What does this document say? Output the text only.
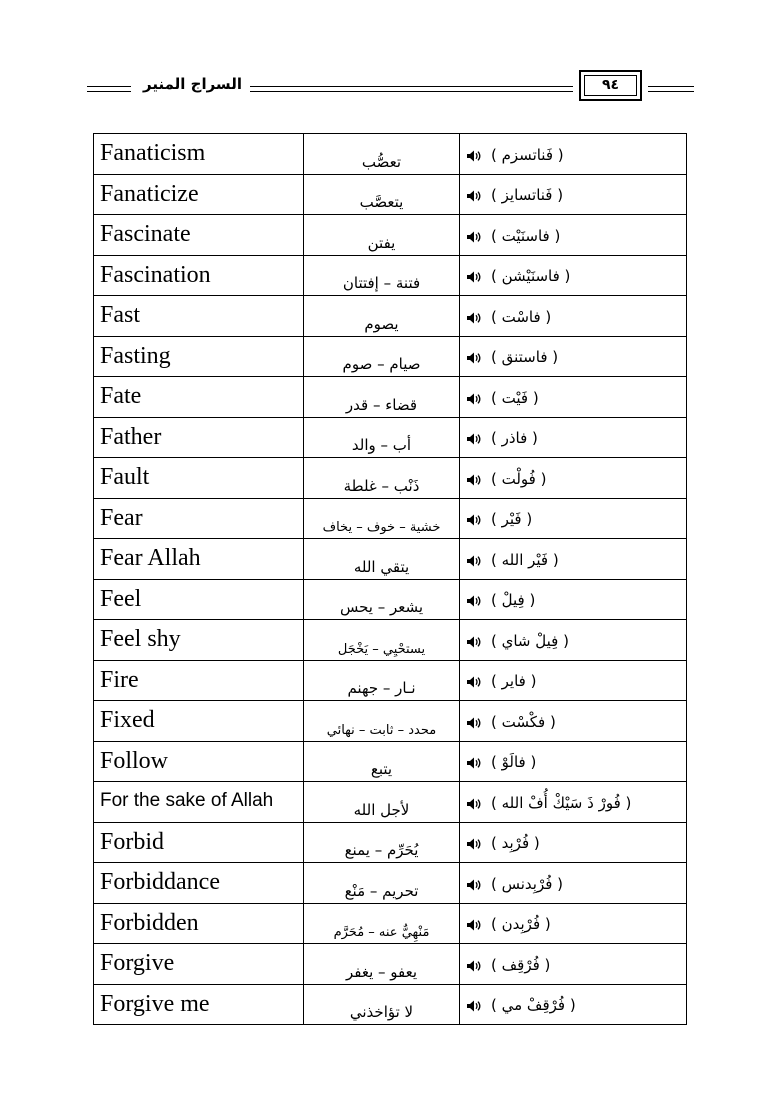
السراج المنير	٩٤
Fanaticism	تعصُّب	( فَناتسزم )
Fanaticize	يتعصَّب	( فَناتسايز )
Fascinate	يفتن	( فاسنَيْت )
Fascination	فتنة – إفتتان	( فاسنَيْشن )
Fast	يصوم	( فاسْت )
Fasting	صيام – صوم	( فاستنق )
Fate	قضاء – قدر	( فَيْت )
Father	أب – والد	( فاذر )
Fault	ذَنْب – غلطة	( فُولْت )
Fear	خشية – خوف – يخاف	( فَيْر )
Fear Allah	يتقي الله	( فَيْر الله )
Feel	يشعر – يحس	( فِيلْ )
Feel shy	يستحْيِي – يَخْجَل	( فِيلْ شاي )
Fire	نـار – جهنم	( فاير )
Fixed	محدد – ثابت – نهائي	( فكْسْت )
Follow	يتبع	( فالَوْ )
For the sake of Allah	لأجل الله	( فُورْ ذَ سَيْكْ أُفْ الله )
Forbid	يُحَرِّم – يمنع	( فُرْبِد )
Forbiddance	تحريم – مَنْع	( فُرْبِدنس )
Forbidden	مَنْهِيٌّ عنه – مُحَرَّم	( فُرْبِدن )
Forgive	يعفو – يغفر	( فُرْقِف )
Forgive me	لا تؤاخذني	( فُرْقِفْ مي )
